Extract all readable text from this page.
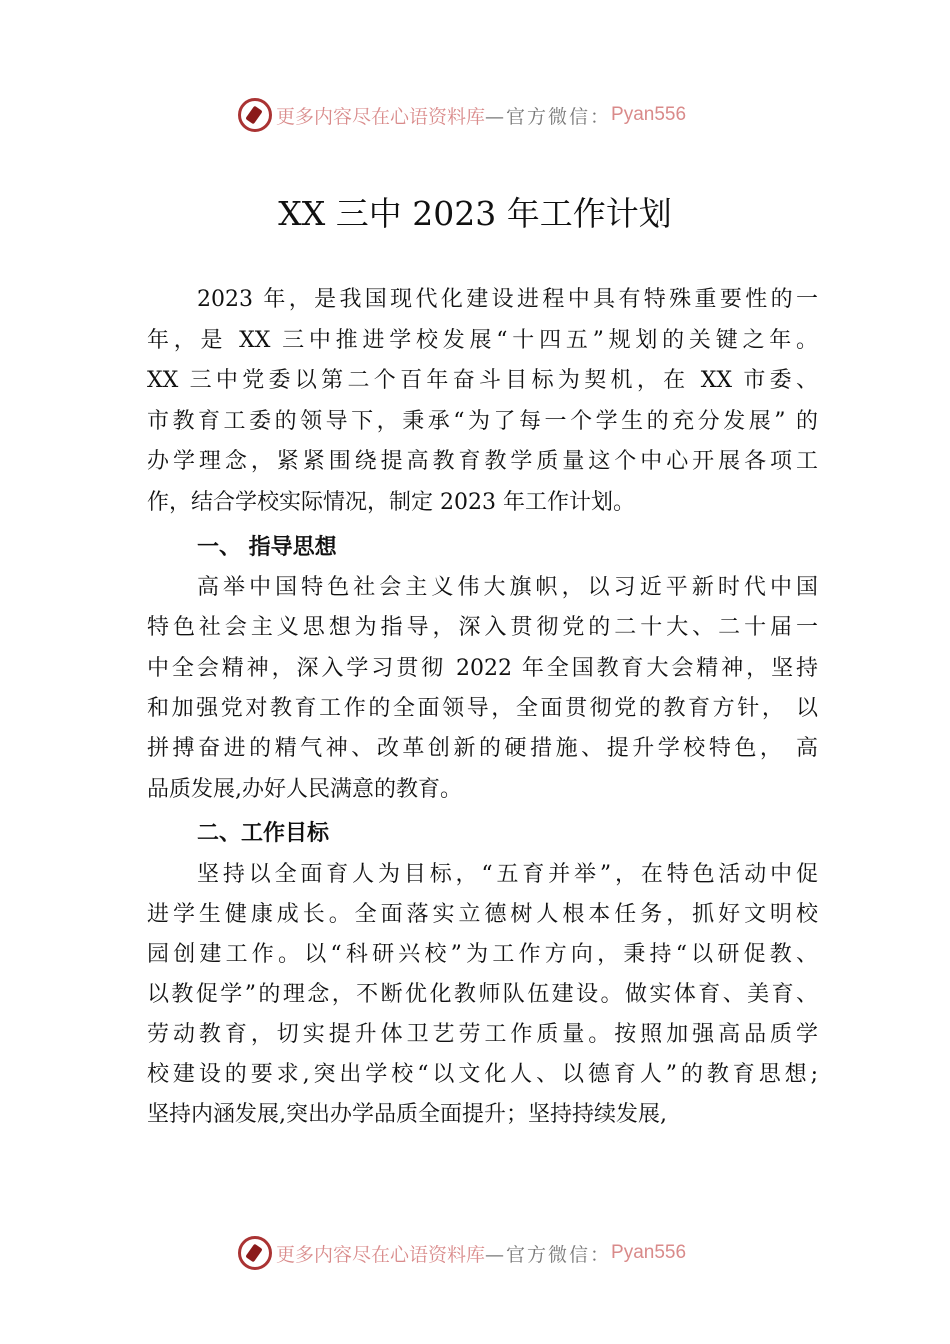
更多内容尽在心语资料库 —官方微信： Pyan556
XX 三中 2023 年工作计划
2023 年，是我国现代化建设进程中具有特殊重要性的一
年，是 XX 三中推进学校发展“十四五”规划的关键之年。
XX 三中党委以第二个百年奋斗目标为契机，在 XX 市委、
市教育工委的领导下，秉承“为了每一个学生的充分发展” 的
办学理念，紧紧围绕提高教育教学质量这个中心开展各项工
作，结合学校实际情况，制定 2023 年工作计划。
一、 指导思想
高举中国特色社会主义伟大旗帜，以习近平新时代中国
特色社会主义思想为指导，深入贯彻党的二十大、二十届一
中全会精神，深入学习贯彻 2022 年全国教育大会精神，坚持
和加强党对教育工作的全面领导，全面贯彻党的教育方针， 以
拼搏奋进的精气神、改革创新的硬措施、提升学校特色， 高
品质发展,办好人民满意的教育。
二、工作目标
坚持以全面育人为目标，“五育并举”，在特色活动中促
进学生健康成长。全面落实立德树人根本任务，抓好文明校
园创建工作。以“科研兴校”为工作方向，秉持“以研促教、
以教促学”的理念，不断优化教师队伍建设。做实体育、美育、
劳动教育，切实提升体卫艺劳工作质量。按照加强高品质学
校建设的要求,突出学校“以文化人、以德育人”的教育思想;
坚持内涵发展,突出办学品质全面提升；坚持持续发展,
更多内容尽在心语资料库 —官方微信： Pyan556
